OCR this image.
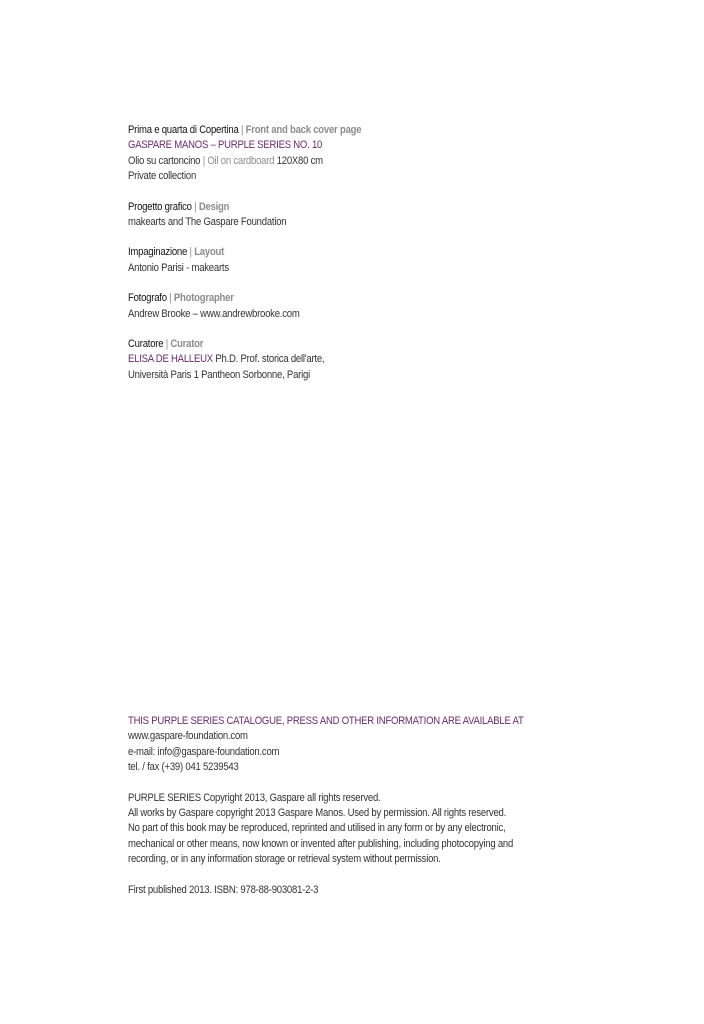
Prima e quarta di Copertina | Front and back cover page
GASPARE MANOS – PURPLE SERIES NO. 10
Olio su cartoncino | Oil on cardboard 120X80 cm
Private collection
Progetto grafico | Design
makearts and The Gaspare Foundation
Impaginazione | Layout
Antonio Parisi - makearts
Fotografo | Photographer
Andrew Brooke – www.andrewbrooke.com
Curatore | Curator
ELISA DE HALLEUX Ph.D. Prof. storica dell'arte,
Università Paris 1 Pantheon Sorbonne, Parigi
THIS PURPLE SERIES CATALOGUE, PRESS AND OTHER INFORMATION ARE AVAILABLE AT
www.gaspare-foundation.com
e-mail: info@gaspare-foundation.com
tel. / fax (+39) 041 5239543
PURPLE SERIES Copyright 2013, Gaspare all rights reserved.
All works by Gaspare copyright 2013 Gaspare Manos. Used by permission. All rights reserved.
No part of this book may be reproduced, reprinted and utilised in any form or by any electronic,
mechanical or other means, now known or invented after publishing, including photocopying and
recording, or in any information storage or retrieval system without permission.
First published 2013. ISBN: 978-88-903081-2-3
